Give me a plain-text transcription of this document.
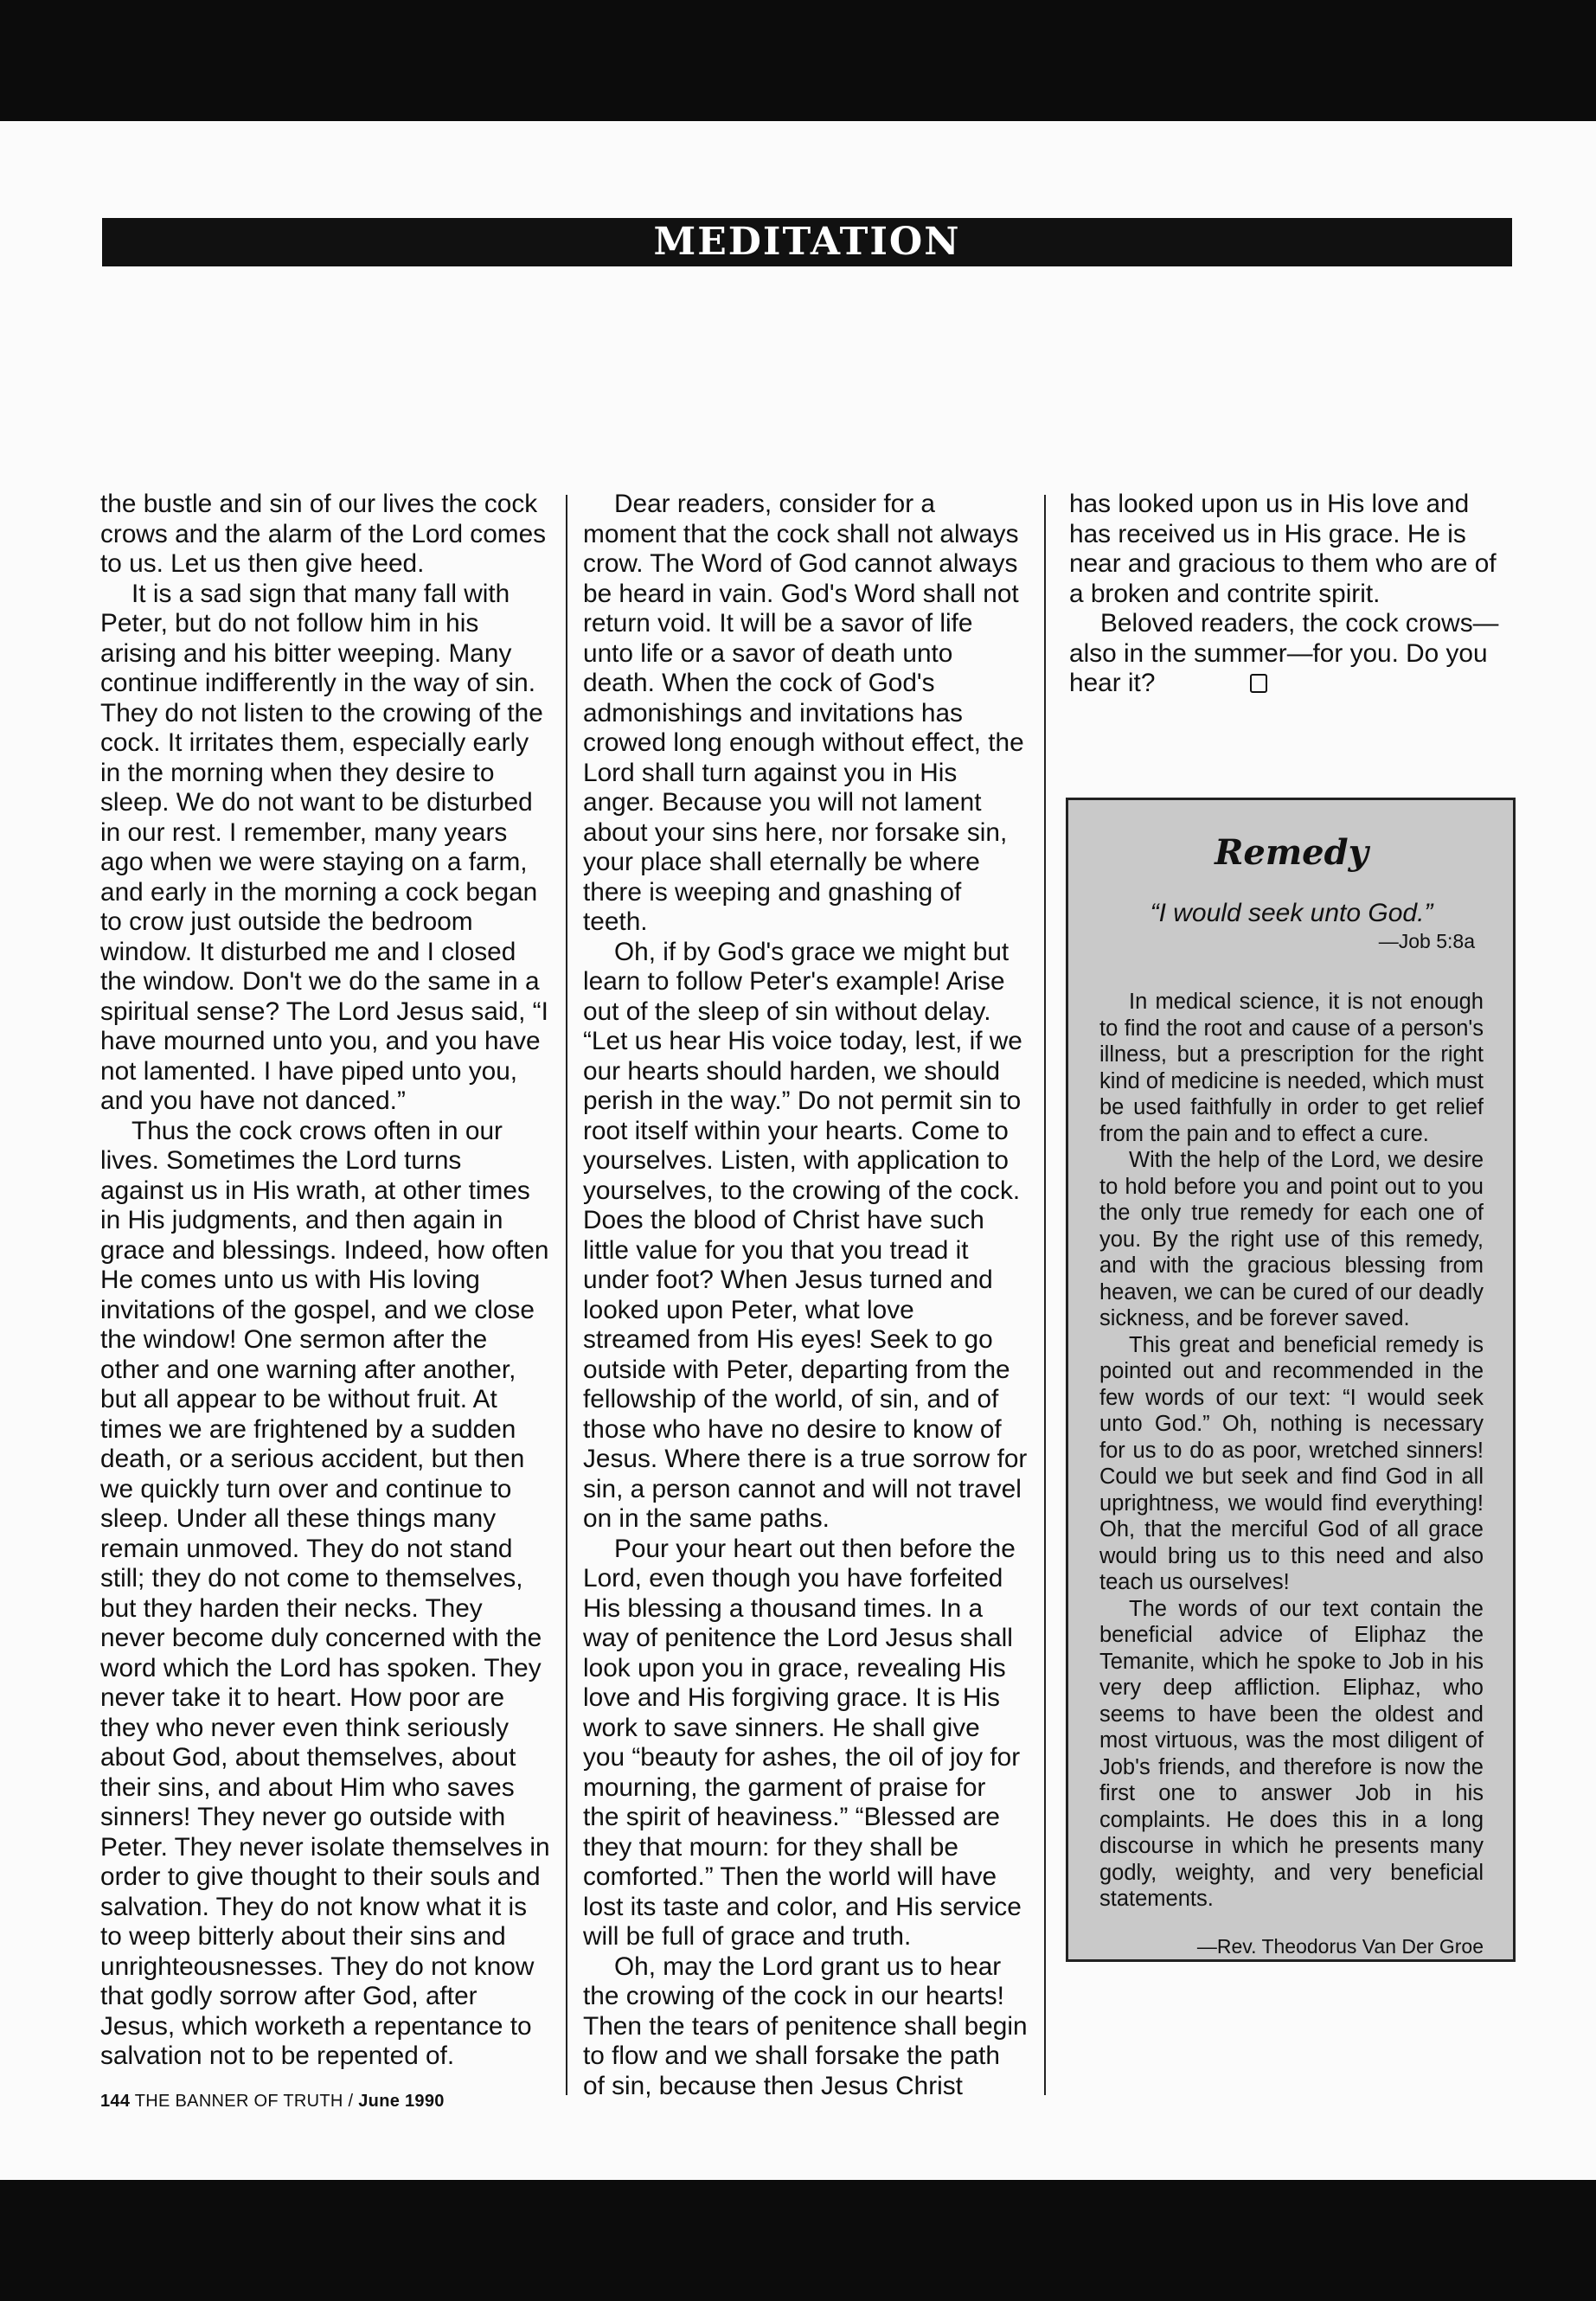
MEDITATION

the bustle and sin of our lives the cock crows and the alarm of the Lord comes to us. Let us then give heed.

It is a sad sign that many fall with Peter, but do not follow him in his arising and his bitter weeping. Many continue indifferently in the way of sin. They do not listen to the crowing of the cock. It irritates them, especially early in the morning when they desire to sleep. We do not want to be disturbed in our rest. I remember, many years ago when we were staying on a farm, and early in the morning a cock began to crow just outside the bedroom window. It disturbed me and I closed the window. Don't we do the same in a spiritual sense? The Lord Jesus said, “I have mourned unto you, and you have not lamented. I have piped unto you, and you have not danced.”

Thus the cock crows often in our lives. Sometimes the Lord turns against us in His wrath, at other times in His judgments, and then again in grace and blessings. Indeed, how often He comes unto us with His loving invitations of the gospel, and we close the window! One sermon after the other and one warning after another, but all appear to be without fruit. At times we are frightened by a sudden death, or a serious accident, but then we quickly turn over and continue to sleep. Under all these things many remain unmoved. They do not stand still; they do not come to themselves, but they harden their necks. They never become duly concerned with the word which the Lord has spoken. They never take it to heart. How poor are they who never even think seriously about God, about themselves, about their sins, and about Him who saves sinners! They never go outside with Peter. They never isolate themselves in order to give thought to their souls and salvation. They do not know what it is to weep bitterly about their sins and unrighteousnesses. They do not know that godly sorrow after God, after Jesus, which worketh a repentance to salvation not to be repented of.

Dear readers, consider for a moment that the cock shall not always crow. The Word of God cannot always be heard in vain. God's Word shall not return void. It will be a savor of life unto life or a savor of death unto death. When the cock of God's admonishings and invitations has crowed long enough without effect, the Lord shall turn against you in His anger. Because you will not lament about your sins here, nor forsake sin, your place shall eternally be where there is weeping and gnashing of teeth.

Oh, if by God's grace we might but learn to follow Peter's example! Arise out of the sleep of sin without delay. “Let us hear His voice today, lest, if we our hearts should harden, we should perish in the way.” Do not permit sin to root itself within your hearts. Come to yourselves. Listen, with application to yourselves, to the crowing of the cock. Does the blood of Christ have such little value for you that you tread it under foot? When Jesus turned and looked upon Peter, what love streamed from His eyes! Seek to go outside with Peter, departing from the fellowship of the world, of sin, and of those who have no desire to know of Jesus. Where there is a true sorrow for sin, a person cannot and will not travel on in the same paths.

Pour your heart out then before the Lord, even though you have forfeited His blessing a thousand times. In a way of penitence the Lord Jesus shall look upon you in grace, revealing His love and His forgiving grace. It is His work to save sinners. He shall give you “beauty for ashes, the oil of joy for mourning, the garment of praise for the spirit of heaviness.” “Blessed are they that mourn: for they shall be comforted.” Then the world will have lost its taste and color, and His service will be full of grace and truth.

Oh, may the Lord grant us to hear the crowing of the cock in our hearts! Then the tears of penitence shall begin to flow and we shall forsake the path of sin, because then Jesus Christ

has looked upon us in His love and has received us in His grace. He is near and gracious to them who are of a broken and contrite spirit.

Beloved readers, the cock crows—also in the summer—for you. Do you hear it?

Remedy
“I would seek unto God.”
—Job 5:8a

In medical science, it is not enough to find the root and cause of a person's illness, but a prescription for the right kind of medicine is needed, which must be used faithfully in order to get relief from the pain and to effect a cure.

With the help of the Lord, we desire to hold before you and point out to you the only true remedy for each one of you. By the right use of this remedy, and with the gracious blessing from heaven, we can be cured of our deadly sickness, and be forever saved.

This great and beneficial remedy is pointed out and recommended in the few words of our text: “I would seek unto God.” Oh, nothing is necessary for us to do as poor, wretched sinners! Could we but seek and find God in all uprightness, we would find everything! Oh, that the merciful God of all grace would bring us to this need and also teach us ourselves!

The words of our text contain the beneficial advice of Eliphaz the Temanite, which he spoke to Job in his very deep affliction. Eliphaz, who seems to have been the oldest and most virtuous, was the most diligent of Job's friends, and therefore is now the first one to answer Job in his complaints. He does this in a long discourse in which he presents many godly, weighty, and very beneficial statements.

—Rev. Theodorus Van Der Groe
144 THE BANNER OF TRUTH / June 1990
